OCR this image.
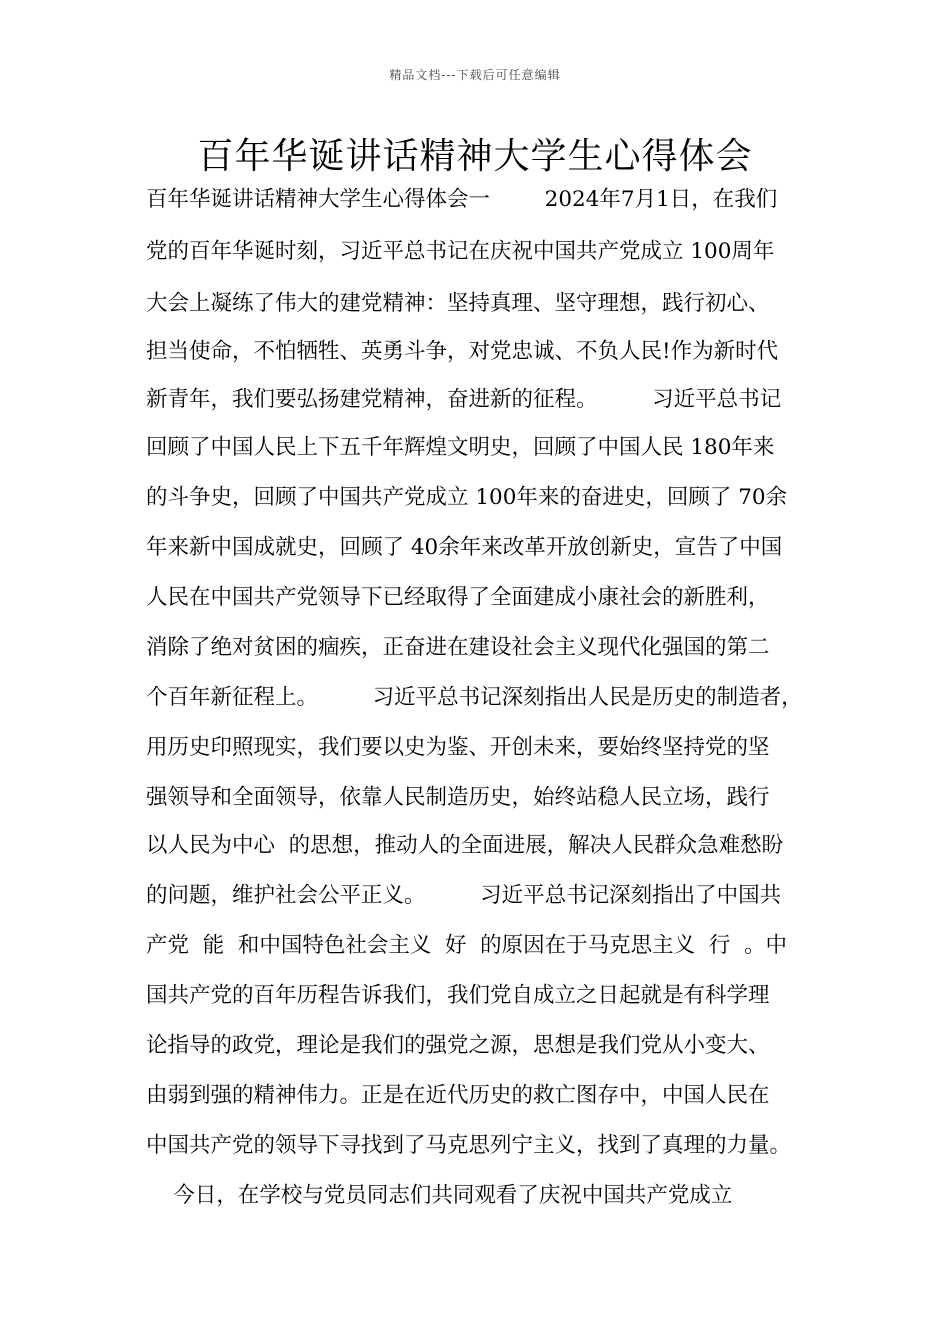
精品文档---下载后可任意编辑
百年华诞讲话精神大学生心得体会
百年华诞讲话精神大学生心得体会一        2024年7月1日，在我们
党的百年华诞时刻，习近平总书记在庆祝中国共产党成立 100周年
大会上凝练了伟大的建党精神：坚持真理、坚守理想，践行初心、
担当使命，不怕牺牲、英勇斗争，对党忠诚、不负人民!作为新时代
新青年，我们要弘扬建党精神，奋进新的征程。        习近平总书记
回顾了中国人民上下五千年辉煌文明史，回顾了中国人民 180年来
的斗争史，回顾了中国共产党成立 100年来的奋进史，回顾了 70余
年来新中国成就史，回顾了 40余年来改革开放创新史，宣告了中国
人民在中国共产党领导下已经取得了全面建成小康社会的新胜利，
消除了绝对贫困的痼疾，正奋进在建设社会主义现代化强国的第二
个百年新征程上。        习近平总书记深刻指出人民是历史的制造者，
用历史印照现实，我们要以史为鉴、开创未来，要始终坚持党的坚
强领导和全面领导，依靠人民制造历史，始终站稳人民立场，践行
以人民为中心  的思想，推动人的全面进展，解决人民群众急难愁盼
的问题，维护社会公平正义。        习近平总书记深刻指出了中国共
产党  能  和中国特色社会主义  好  的原因在于马克思主义  行  。中
国共产党的百年历程告诉我们，我们党自成立之日起就是有科学理
论指导的政党，理论是我们的强党之源，思想是我们党从小变大、
由弱到强的精神伟力。正是在近代历史的救亡图存中，中国人民在
中国共产党的领导下寻找到了马克思列宁主义，找到了真理的力量。
今日，在学校与党员同志们共同观看了庆祝中国共产党成立
